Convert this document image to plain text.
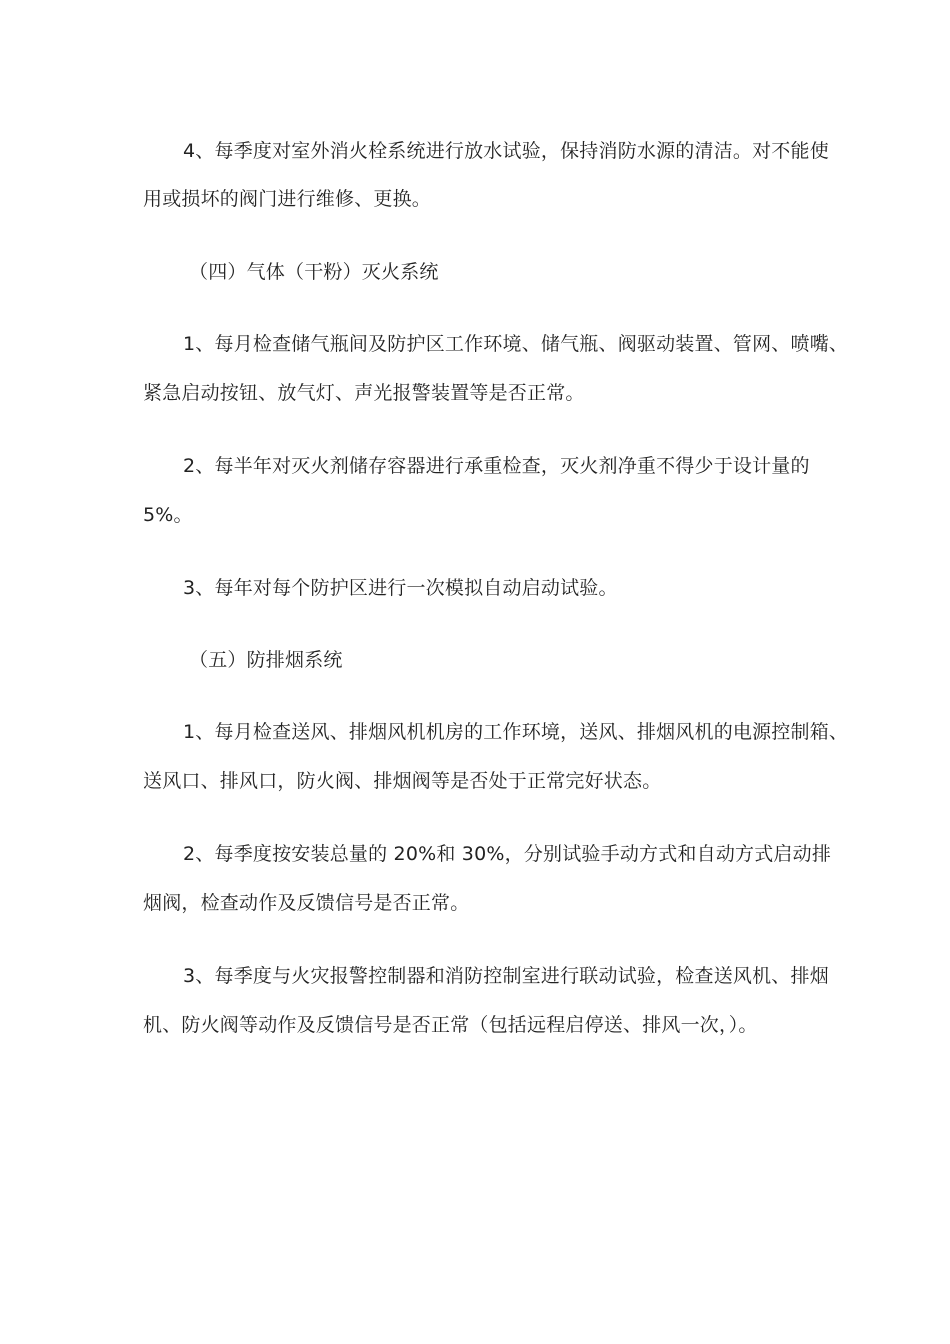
4、每季度对室外消火栓系统进行放水试验，保持消防水源的清洁。对不能使
用或损坏的阀门进行维修、更换。
（四）气体（干粉）灭火系统
1、每月检查储气瓶间及防护区工作环境、储气瓶、阀驱动装置、管网、喷嘴、
紧急启动按钮、放气灯、声光报警装置等是否正常。
2、每半年对灭火剂储存容器进行承重检查，灭火剂净重不得少于设计量的
5%。
3、每年对每个防护区进行一次模拟自动启动试验。
（五）防排烟系统
1、每月检查送风、排烟风机机房的工作环境，送风、排烟风机的电源控制箱、
送风口、排风口，防火阀、排烟阀等是否处于正常完好状态。
2、每季度按安装总量的 20%和 30%，分别试验手动方式和自动方式启动排
烟阀，检查动作及反馈信号是否正常。
3、每季度与火灾报警控制器和消防控制室进行联动试验，检查送风机、排烟
机、防火阀等动作及反馈信号是否正常（包括远程启停送、排风一次，）。
